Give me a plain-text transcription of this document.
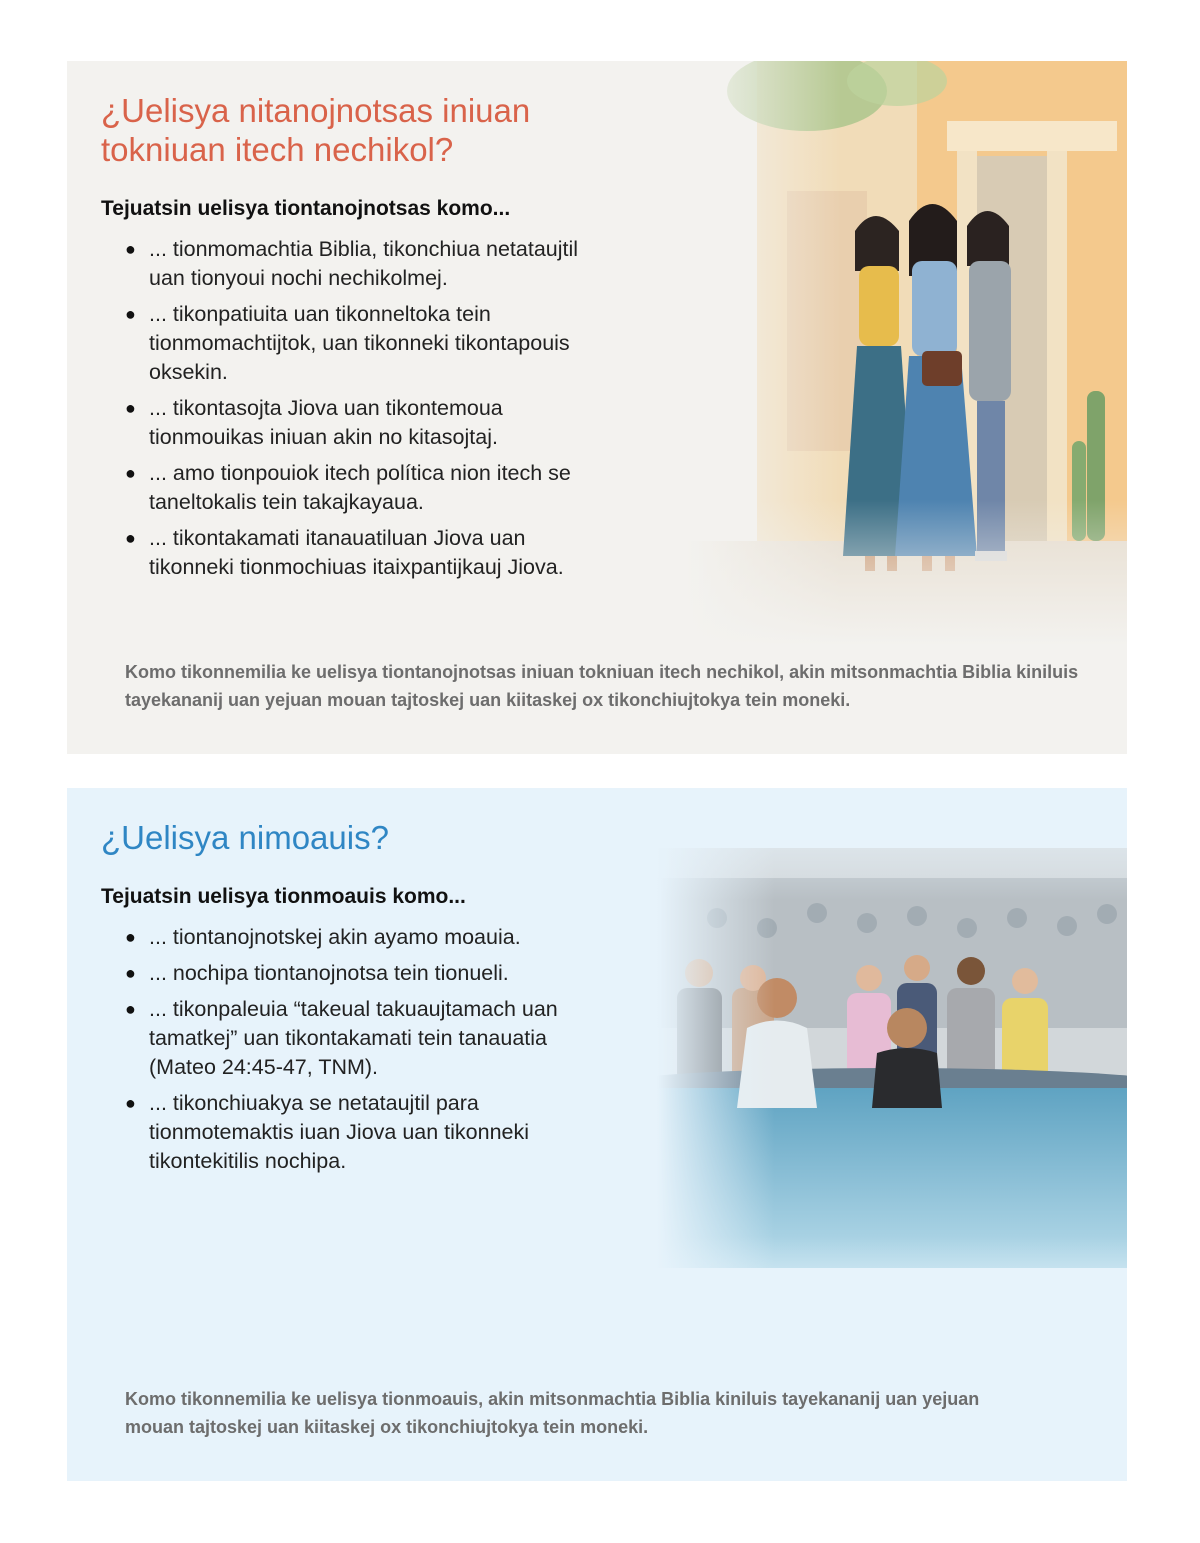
¿Uelisya nitanojnotsas iniuan tokniuan itech nechikol?
Tejuatsin uelisya tiontanojnotsas komo...
● ... tionmomachtia Biblia, tikonchiua netataujtil uan tionyoui nochi nechikolmej.
● ... tikonpatiuita uan tikonneltoka tein tionmomachtijtok, uan tikonneki tikontapouis oksekin.
● ... tikontasojta Jiova uan tikontemoua tionmouikas iniuan akin no kitasojtaj.
● ... amo tionpouiok itech política nion itech se taneltokalis tein takajkayaua.
● ... tikontakamati itanauatiluan Jiova uan tikonneki tionmochiuas itaixpantijkauj Jiova.
Komo tikonnemilia ke uelisya tiontanojnotsas iniuan tokniuan itech nechikol, akin mitsonmachtia Biblia kiniluis tayekananij uan yejuan mouan tajtoskej uan kiitaskej ox tikonchiujtokya tein moneki.
¿Uelisya nimoauis?
Tejuatsin uelisya tionmoauis komo...
● ... tiontanojnotskej akin ayamo moauia.
● ... nochipa tiontanojnotsa tein tionueli.
● ... tikonpaleuia “takeual takuaujtamach uan tamatkej” uan tikontakamati tein tanauatia (Mateo 24:45-47, TNM).
● ... tikonchiuakya se netataujtil para tionmotemaktis iuan Jiova uan tikonneki tikontekitilis nochipa.
Komo tikonnemilia ke uelisya tionmoauis, akin mitsonmachtia Biblia kiniluis tayekananij uan yejuan mouan tajtoskej uan kiitaskej ox tikonchiujtokya tein moneki.
